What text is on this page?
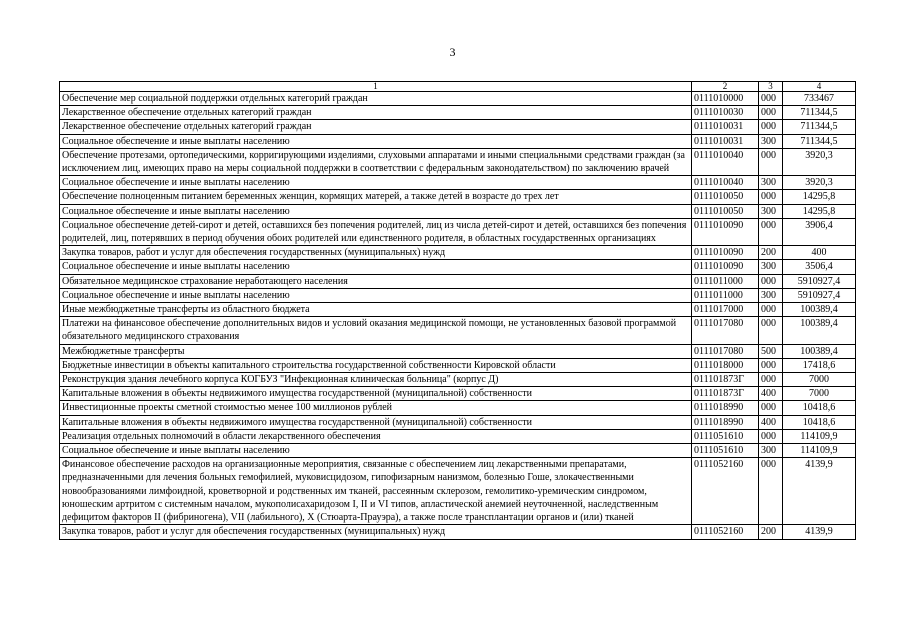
3
1	2	3	4
Обеспечение мер социальной поддержки отдельных категорий граждан	0111010000	000	733467
Лекарственное обеспечение отдельных категорий граждан	0111010030	000	711344,5
Лекарственное обеспечение отдельных категорий граждан	0111010031	000	711344,5
Социальное обеспечение и иные выплаты населению	0111010031	300	711344,5
Обеспечение протезами, ортопедическими, корригирующими изделиями, слуховыми аппаратами и иными специальными средствами граждан (за исключением лиц, имеющих право на меры социальной поддержки в соответствии с федеральным законодательством) по заключению врачей	0111010040	000	3920,3
Социальное обеспечение и иные выплаты населению	0111010040	300	3920,3
Обеспечение полноценным питанием беременных женщин, кормящих матерей, а также детей в возрасте до трех лет	0111010050	000	14295,8
Социальное обеспечение и иные выплаты населению	0111010050	300	14295,8
Социальное обеспечение детей-сирот и детей, оставшихся без попечения родителей, лиц из числа детей-сирот и детей, оставшихся без попечения родителей, лиц, потерявших в период обучения обоих родителей или единственного родителя, в областных государственных организациях	0111010090	000	3906,4
Закупка товаров, работ и услуг для обеспечения государственных (муниципальных) нужд	0111010090	200	400
Социальное обеспечение и иные выплаты населению	0111010090	300	3506,4
Обязательное медицинское страхование неработающего населения	0111011000	000	5910927,4
Социальное обеспечение и иные выплаты населению	0111011000	300	5910927,4
Иные межбюджетные трансферты из областного бюджета	0111017000	000	100389,4
Платежи на финансовое обеспечение дополнительных видов и условий оказания медицинской помощи, не установленных базовой программой обязательного медицинского страхования	0111017080	000	100389,4
Межбюджетные трансферты	0111017080	500	100389,4
Бюджетные инвестиции в объекты капитального строительства государственной собственности Кировской области	0111018000	000	17418,6
Реконструкция здания лечебного корпуса КОГБУЗ "Инфекционная клиническая больница" (корпус Д)	011101873Г	000	7000
Капитальные вложения в объекты недвижимого имущества государственной (муниципальной) собственности	011101873Г	400	7000
Инвестиционные проекты сметной стоимостью менее 100 миллионов рублей	0111018990	000	10418,6
Капитальные вложения в объекты недвижимого имущества государственной (муниципальной) собственности	0111018990	400	10418,6
Реализация отдельных полномочий в области лекарственного обеспечения	0111051610	000	114109,9
Социальное обеспечение и иные выплаты населению	0111051610	300	114109,9
Финансовое обеспечение расходов на организационные мероприятия, связанные с обеспечением лиц лекарственными препаратами, предназначенными для лечения больных гемофилией, муковисцидозом, гипофизарным нанизмом, болезнью Гоше, злокачественными новообразованиями лимфоидной, кроветворной и родственных им тканей, рассеянным склерозом, гемолитико-уремическим синдромом, юношеским артритом с системным началом, мукополисахаридозом I, II и VI типов, апластической анемией неуточненной, наследственным дефицитом факторов II (фибриногена), VII (лабильного), X (Стюарта-Прауэра), а также после трансплантации органов и (или) тканей	0111052160	000	4139,9
Закупка товаров, работ и услуг для обеспечения государственных (муниципальных) нужд	0111052160	200	4139,9
